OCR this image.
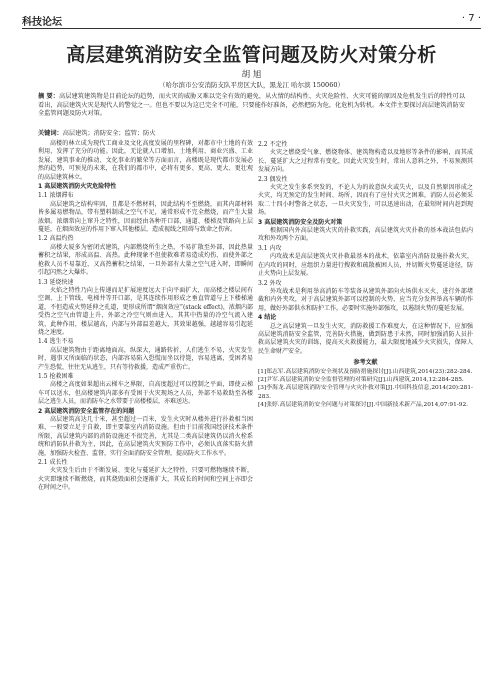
科技论坛	· 7 ·
高层建筑消防安全监管问题及防火对策分析
胡 旭
（哈尔滨市公安消防支队平房区大队，黑龙江 哈尔滨 150060）
摘 要：高层建筑建筑物是目前论坛的趋势，而火灾的威胁又难以完全有效的避免，从火情的结构性、火灾危险性、火灾可能的原因及危机发生后的特性可以看出，高层建筑火灾是现代人的警觉之一。但也不要以为这已完全不可能，只要能作好准备，必然把防为危，化危机为转机。本文伴主要探讨高层建筑消防安全监管问题及防火对策。
关键词：高层建筑；消防安全；监管；防火

高楼的林立成为现代工商业及文化高度发展的里程碑，对都市中土地的有效利用，发挥了充分的功能。因此，无论就人口增加、土地利用、商业兴盛、工业发展、建筑事业的推动、文化事业的繁荣等方面而言，高楼既是现代都市发展必然的趋势，可预见的未来，在我们的都市中，必将有更多、更高、更大、更壮观的高层建筑林立。

1 高层建筑消防火灾危险特性

1.1 浓烟滞布

高层建筑之结构牢固，且都是不燃材料，因此结构不至燃烧，而其内部材料皆多属易燃物品，带有塑料制成之空气不足，通常形成不完全燃烧，而产生大量浓烟。浓烟常向上窜升之特性，因而经由各种开口部、通道、楼梯及管路向上层蔓延，在烟囱效应的作用下窜入其他楼层，造成视线之阻碍与致命之伤害。

1.2 高温灼热

高楼大厦多为密闭式建筑，内部燃烧所生之热，不易扩散至外部，因此热量蓄积之结果，形成高温、高热。此种现象不但使救难者易造成灼伤、而使外部之抢救人员不易靠近，又高热蓄积之结果，一旦外部有大量之空气进入时，即瞬间引起闪然之大爆炸。

1.3 延烧快速

火焰之特性乃向上传递而足扩展速度远大于向平面扩大，而高楼之楼层间有空调、上下管线、电梯井等开口部，是其连续作用形成之垂直管道与上下楼梯通道，不但造成火势延伸之孔道，更形成所谓“烟囱效应”(stack effect)，浓烟内部受热之空气由管道上升，外部之冷空气则由进入，其其中热量的冷空气流入建筑，此种作用，楼层越高，内部与外部温差越大，其效果越强，越越容易引起延烧之速度。

1.4 逃生不易

高层建筑物由于距离地面高，纵深大，通路转折，人们逃生不易，火灾发生时，遇事又所面临的状态，内部容易陷入恐慌而坐以待毙，容易逃离，受困者易产生恐慌，往往无从逃生，只有等待救援，造成严重伤亡。

1.5 抢救困难

高楼之高度如果超出云梯车之界限，自高度超过可以控制之平面，即使云梯车可以送水，但高楼建筑内部多有受困于火灾现场之人员，外部不易救助至各楼层之逃生人员，而消防车之水带要于高楼楼层，亦难送达。

2 高层建筑消防安全监管存在的问题

高层建筑高达几十米，甚至超过一百米，发生火灾时从楼外进行扑救相当困难，一般要立足于自救，即主要靠室内消防设施。但由于目前我国经济技术条件所限，高层建筑内部的消防设施还不很完善，尤其是二类高层建筑仍以消火栓系统和消防队扑救为主，因此，在高层建筑火灾预防工作中，必须认真落实防火措施，加强防火检查、监督，实行全面消防安全管理，提高防火工作水平。

2.1 成长性

火灾发生后由于不断发展、变化与蔓延扩大之特性，只要可燃物继续不断，火灾即继续不断燃烧，而其烧毁面积会逐渐扩大，其成长的时间和空间上亦即会在时间之中。

2.2 不定性

火灾之燃烧受气象、燃烧物体、建筑物构造以及地形等条件的影响，而其成长、蔓延扩大之过程常有变化，因此火灾发生时，常出人意料之外，不易预测其发展方向。

2.3 偶发性

火灾之发生多系突发的，不论人为的故意纵火或失火，以及自然原因形成之火灾，均无预定的发生时间、场所，因而有了应付火灾之困难，消防人员必须采取二十四小时警备之状态，一旦火灾发生，可以迅速出动，在最短时间内赶到现场。

3 高层建筑消防安全及防火对策

根据国内外高层建筑火灾的扑救实践，高层建筑火灾扑救的基本战法包括内攻和外攻两个方面。

3.1 内攻

内攻战术是高层建筑火灾扑救最基本的战术，依靠室内消防设施扑救火灾，在内攻的同时，应组织力量进行搜救和疏散被困人员，并切断火势蔓延途径，防止火势向上层发展。

3.2 外攻

外攻战术是利用举高消防车等装备从建筑外部向火场供水灭火，进行外部堵截和内外夹攻，对于高层建筑外部可以控制的火势，应当充分发挥举高车辆的作用，做好外部供水和防护工作，必要时实施外部强攻，以遏制火势的蔓延发展。

4 结论

总之高层建筑一旦发生火灾，消防救援工作难度大，在这种情况下，应加强高层建筑消防安全监管，完善防火措施，做到防患于未然，同时加强消防人员扑救高层建筑火灾的训练，提高灭火救援能力，最大限度地减少火灾损失，保障人民生命财产安全。

参考文献

[1]郑志军.高层建筑消防安全现状及预防措施探讨[J].山西建筑,2014(23):282-284.

[2]尹军.高层建筑消防安全监督管理的对策研究[J].山西建筑,2014,12:284-285.

[3]李海龙.高层建筑消防安全管理与火灾扑救对策[J].中国科技信息,2014(20):281-283.

[4]张婷.高层建筑消防安全问题与对策探讨[J].中国新技术新产品,2014,07:91-92.
